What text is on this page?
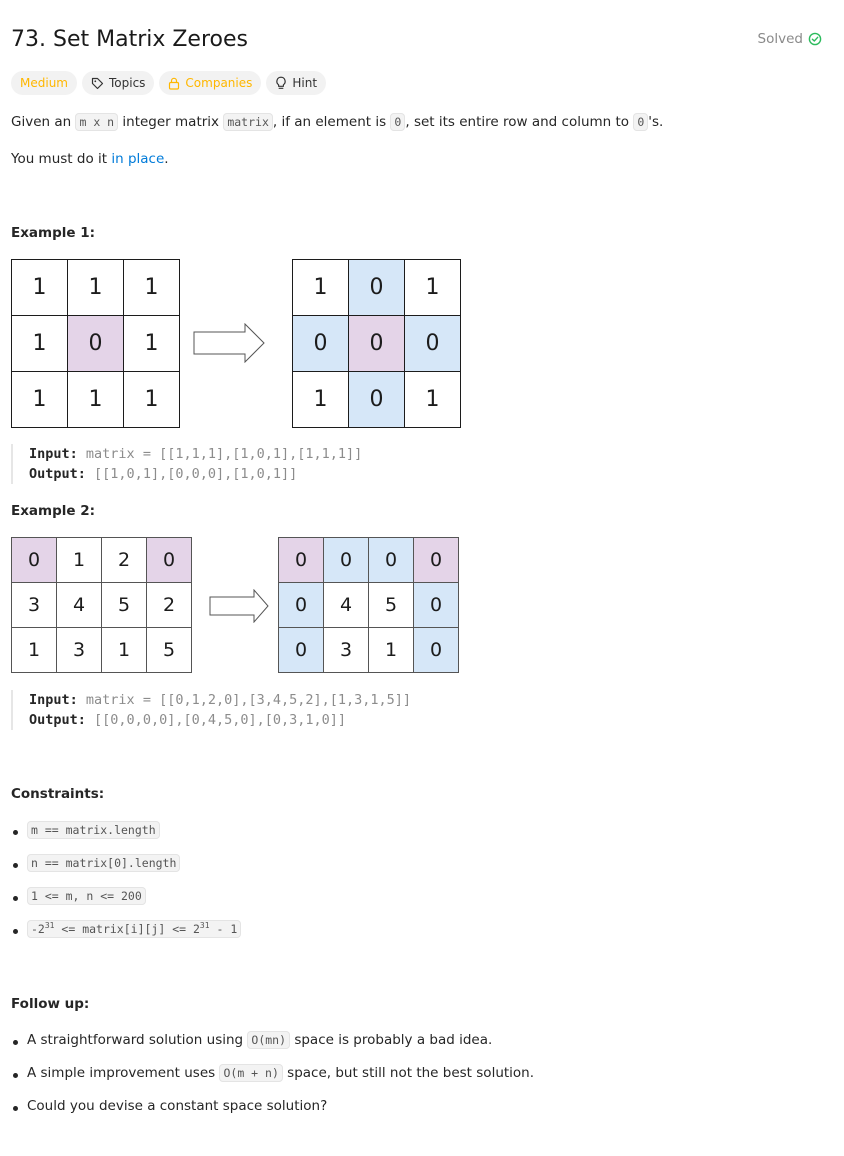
73. Set Matrix Zeroes	Solved
Medium	Topics	Companies	Hint
Given an m x n integer matrix matrix , if an element is 0 , set its entire row and column to 0 's.
You must do it in place.
Example 1:
1	1	1
1	0	1
1	1	1
1	0	1
0	0	0
1	0	1
Input: matrix = [[1,1,1],[1,0,1],[1,1,1]]
Output: [[1,0,1],[0,0,0],[1,0,1]]
Example 2:
0	1	2	0
3	4	5	2
1	3	1	5
0	0	0	0
0	4	5	0
0	3	1	0
Input: matrix = [[0,1,2,0],[3,4,5,2],[1,3,1,5]]
Output: [[0,0,0,0],[0,4,5,0],[0,3,1,0]]
Constraints:
m == matrix.length
n == matrix[0].length
1 <= m, n <= 200
$-2^{31}$ <= matrix[i][j] <= $2^{31} - 1$
Follow up:
A straightforward solution using O(mn) space is probably a bad idea.
A simple improvement uses O(m + n) space, but still not the best solution.
Could you devise a constant space solution?
